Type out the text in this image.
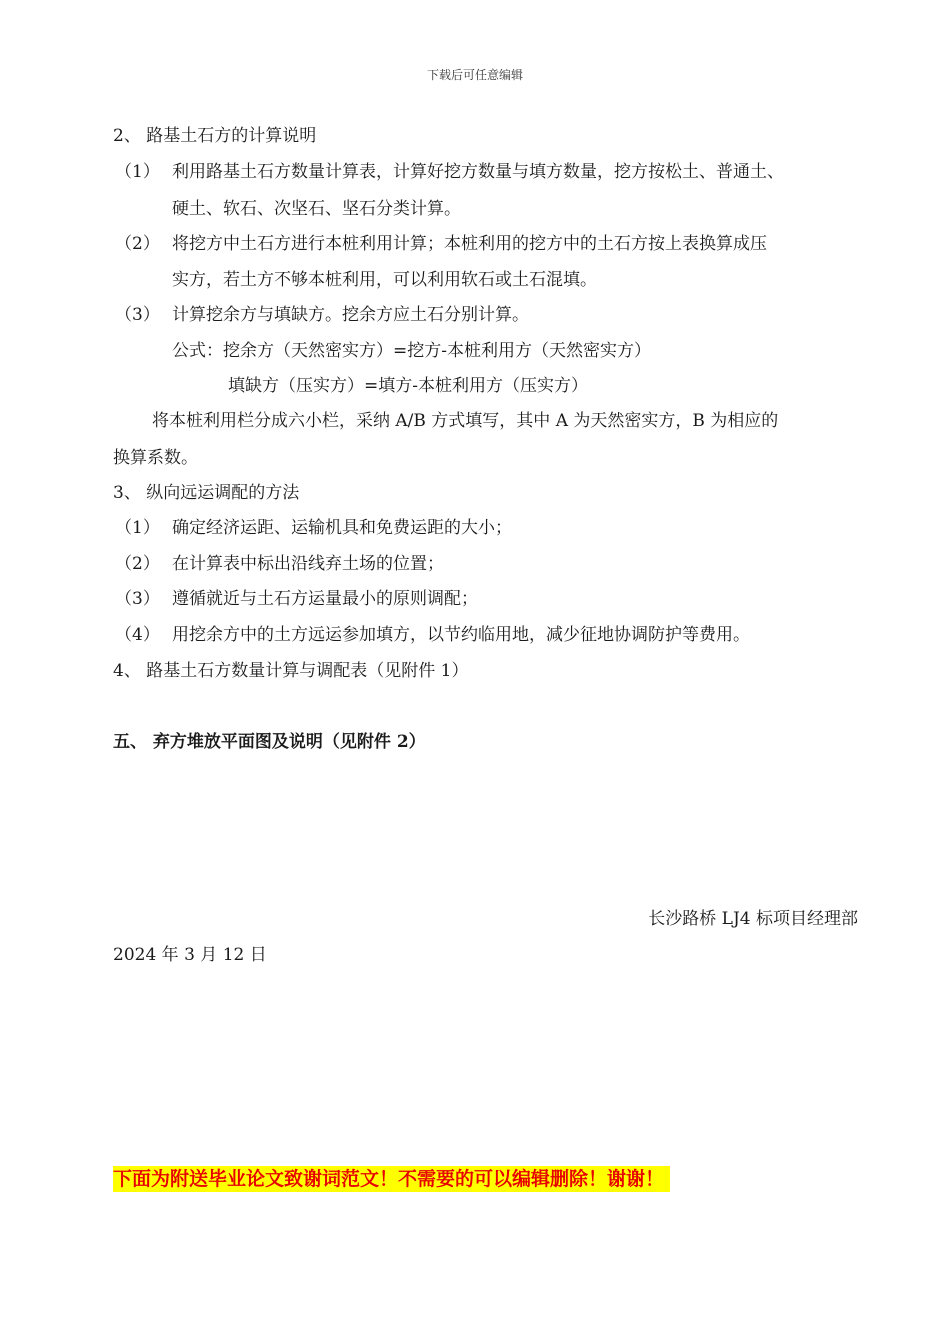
下载后可任意编辑
2、 路基土石方的计算说明
（1） 利用路基土石方数量计算表，计算好挖方数量与填方数量，挖方按松土、普通土、
硬土、软石、次坚石、坚石分类计算。
（2） 将挖方中土石方进行本桩利用计算；本桩利用的挖方中的土石方按上表换算成压
实方，若土方不够本桩利用，可以利用软石或土石混填。
（3） 计算挖余方与填缺方。挖余方应土石分别计算。
公式：挖余方（天然密实方）=挖方-本桩利用方（天然密实方）
填缺方（压实方）=填方-本桩利用方（压实方）
将本桩利用栏分成六小栏，采纳 A/B 方式填写，其中 A 为天然密实方，B 为相应的
换算系数。
3、 纵向远运调配的方法
（1） 确定经济运距、运输机具和免费运距的大小；
（2） 在计算表中标出沿线弃土场的位置；
（3） 遵循就近与土石方运量最小的原则调配；
（4） 用挖余方中的土方远运参加填方，以节约临用地，减少征地协调防护等费用。
4、 路基土石方数量计算与调配表（见附件 1）
五、 弃方堆放平面图及说明（见附件 2）
长沙路桥 LJ4 标项目经理部
2024 年 3 月 12 日
下面为附送毕业论文致谢词范文！不需要的可以编辑删除！谢谢！
